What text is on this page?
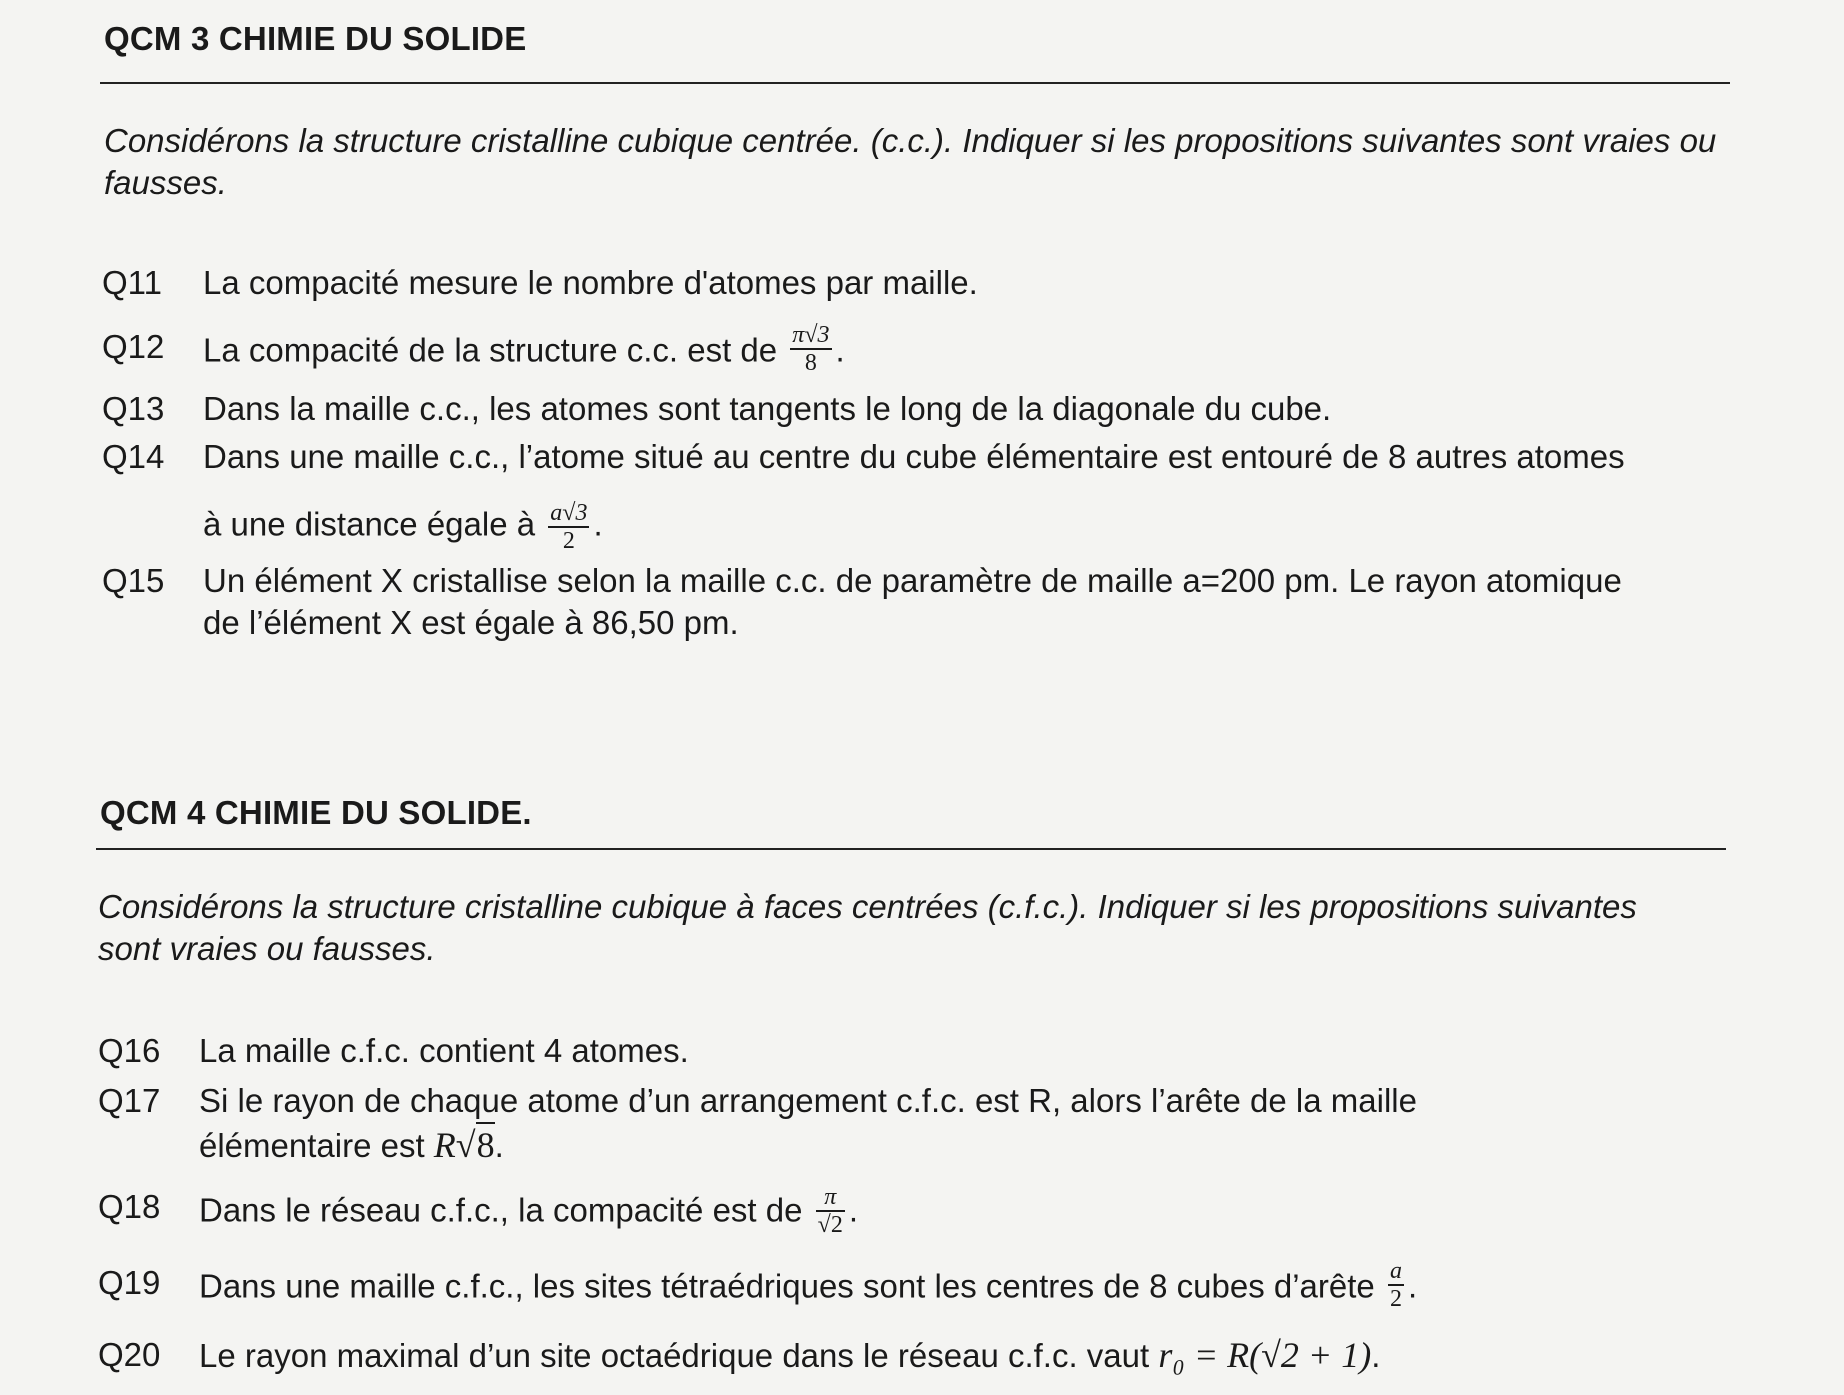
QCM 3 CHIMIE DU SOLIDE
Considérons la structure cristalline cubique centrée. (c.c.). Indiquer si les propositions suivantes sont vraies ou fausses.
Q11 La compacité mesure le nombre d'atomes par maille.
Q12 La compacité de la structure c.c. est de $\frac{\pi√3}{8}$ .
Q13 Dans la maille c.c., les atomes sont tangents le long de la diagonale du cube.
Q14 Dans une maille c.c., l’atome situé au centre du cube élémentaire est entouré de 8 autres atomes
à une distance égale à $\frac{a√3}{2}$ .
Q15 Un élément X cristallise selon la maille c.c. de paramètre de maille a=200 pm. Le rayon atomique
de l’élément X est égale à 86,50 pm.
QCM 4 CHIMIE DU SOLIDE.
Considérons la structure cristalline cubique à faces centrées (c.f.c.). Indiquer si les propositions suivantes sont vraies ou fausses.
Q16 La maille c.f.c. contient 4 atomes.
Q17 Si le rayon de chaque atome d’un arrangement c.f.c. est R, alors l’arête de la maille
élémentaire est R√8.
Q18 Dans le réseau c.f.c., la compacité est de $\frac{\pi}{√2}$ .
Q19 Dans une maille c.f.c., les sites tétraédriques sont les centres de 8 cubes d’arête $\frac{a}{2}$ .
Q20 Le rayon maximal d’un site octaédrique dans le réseau c.f.c. vaut r₀ = R(√2 + 1).
